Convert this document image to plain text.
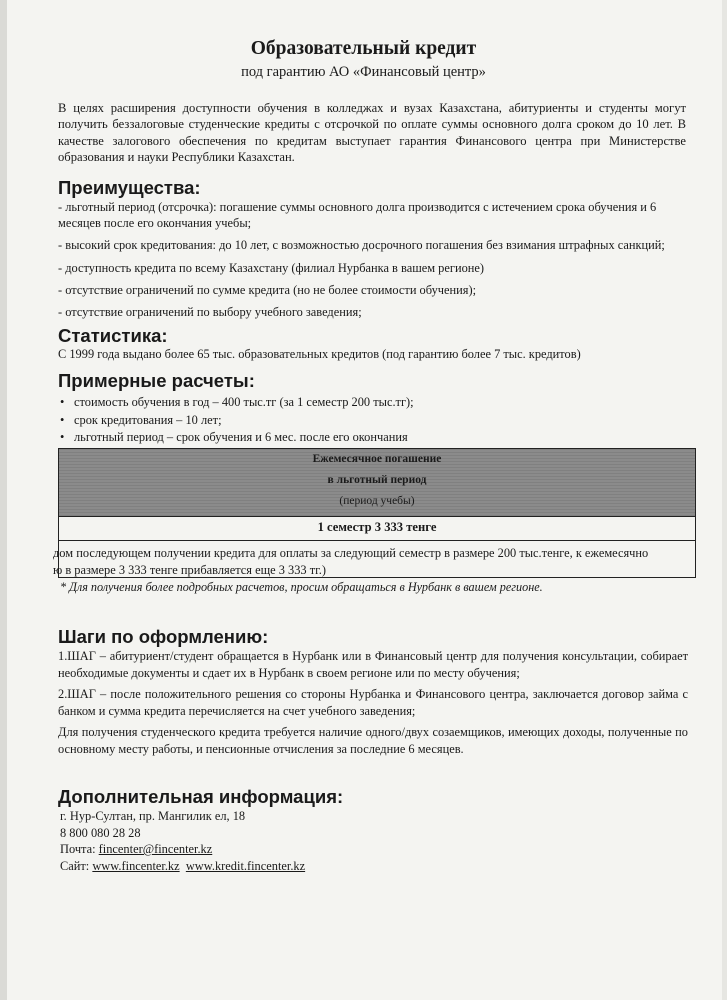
Образовательный кредит
под гарантию АО «Финансовый центр»
В целях расширения доступности обучения в колледжах и вузах Казахстана, абитуриенты и студенты могут получить беззалоговые студенческие кредиты с отсрочкой по оплате суммы основного долга сроком до 10 лет. В качестве залогового обеспечения по кредитам выступает гарантия Финансового центра при Министерстве образования и науки Республики Казахстан.
Преимущества:
- льготный период (отсрочка): погашение суммы основного долга производится с истечением срока обучения и 6 месяцев после его окончания учебы;
- высокий срок кредитования: до 10 лет, с возможностью досрочного погашения без взимания штрафных санкций;
- доступность кредита по всему Казахстану (филиал Нурбанка в вашем регионе)
- отсутствие ограничений по сумме кредита (но не более стоимости обучения);
- отсутствие ограничений по выбору учебного заведения;
Статистика:
С 1999 года выдано более 65 тыс. образовательных кредитов (под гарантию более 7 тыс. кредитов)
Примерные расчеты:
• стоимость обучения в год – 400 тыс.тг (за 1 семестр 200 тыс.тг);
• срок кредитования – 10 лет;
• льготный период – срок обучения и 6 мес. после его окончания
Ежемесячное погашение
в льготный период
(период учебы)
1 семестр 3 333 тенге
дом последующем получении кредита для оплаты за следующий семестр в размере 200 тыс.тенге, к ежемесячно
ю в размере 3 333 тенге прибавляется еще 3 333 тг.)
* Для получения более подробных расчетов, просим обращаться в Нурбанк в вашем регионе.
Шаги по оформлению:
1.ШАГ – абитуриент/студент обращается в Нурбанк или в Финансовый центр для получения консультации, собирает необходимые документы и сдает их в Нурбанк в своем регионе или по месту обучения;
2.ШАГ – после положительного решения со стороны Нурбанка и Финансового центра, заключается договор займа с банком и сумма кредита перечисляется на счет учебного заведения;
Для получения студенческого кредита требуется наличие одного/двух созаемщиков, имеющих доходы, полученные по основному месту работы, и пенсионные отчисления за последние 6 месяцев.
Дополнительная информация:
г. Нур-Султан, пр. Мангилик ел, 18
8 800 080 28 28
Почта: fincenter@fincenter.kz
Сайт: www.fincenter.kz www.kredit.fincenter.kz
